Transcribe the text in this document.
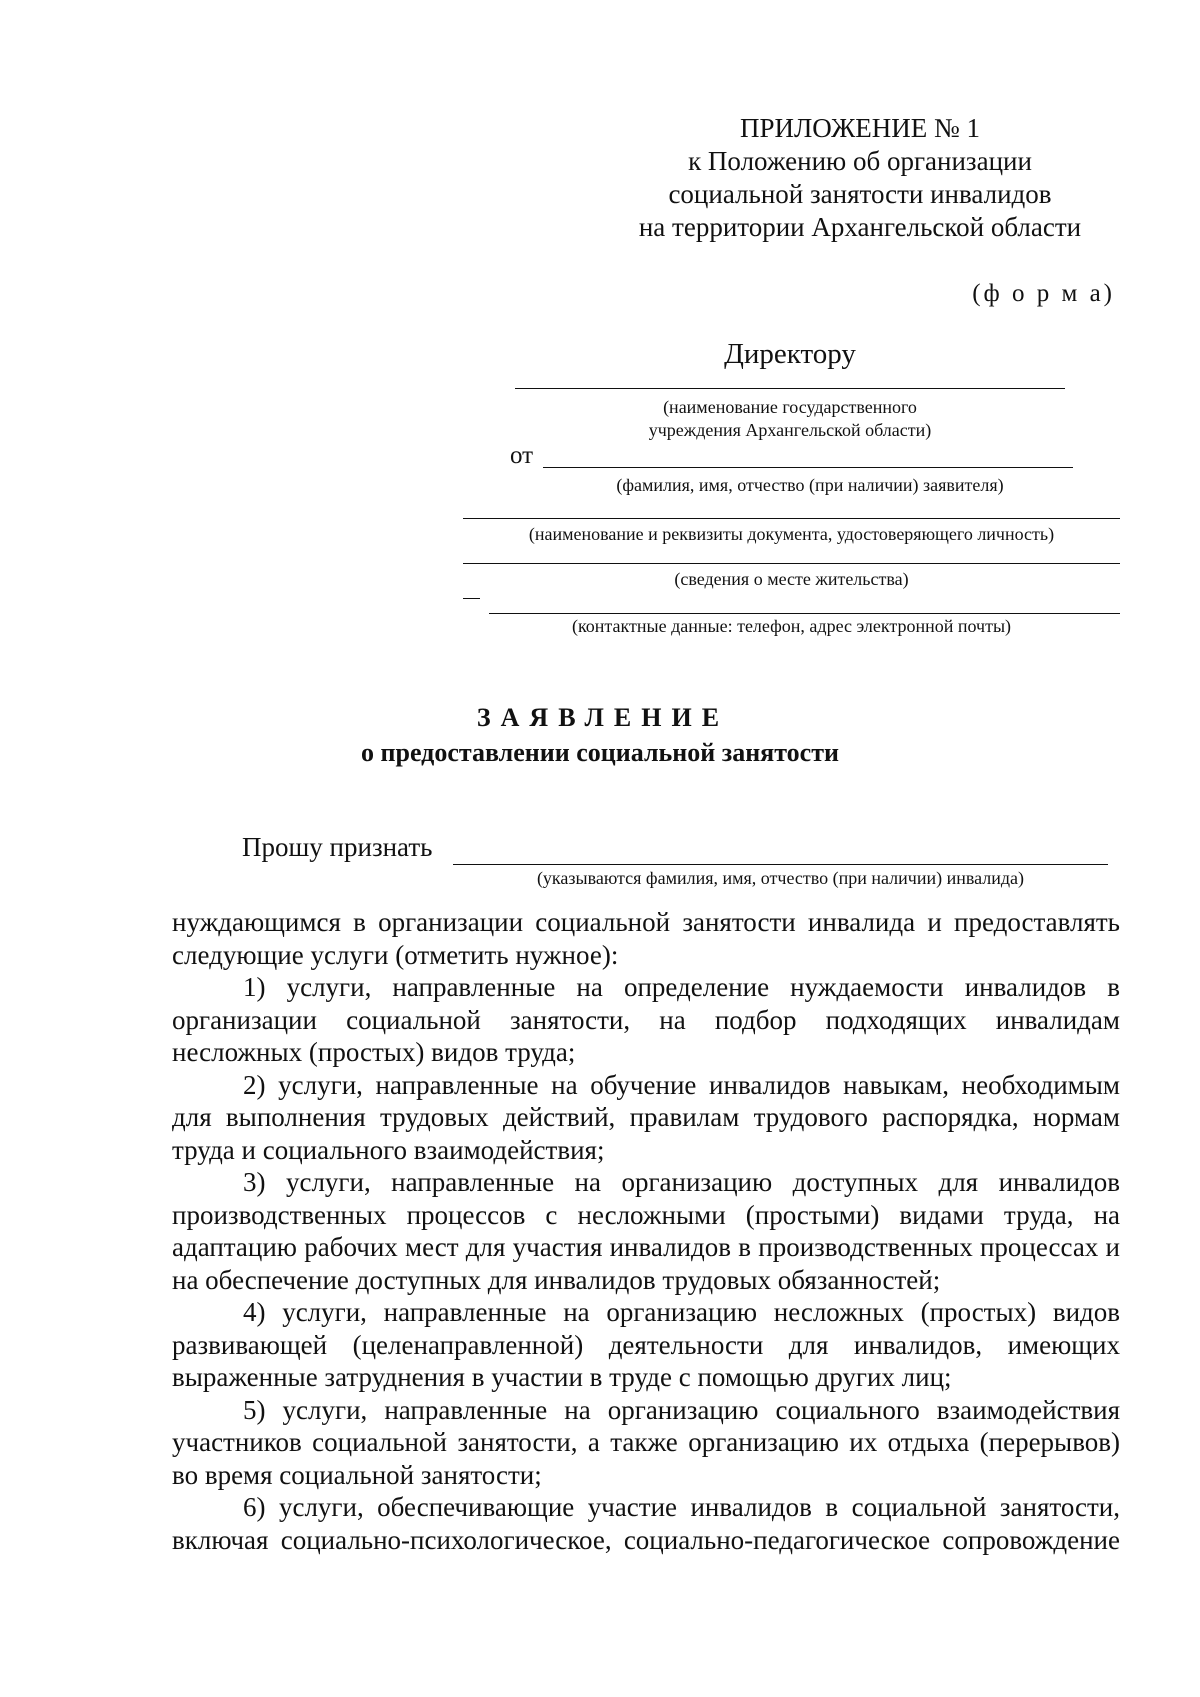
ПРИЛОЖЕНИЕ № 1
к Положению об организации
социальной занятости инвалидов
на территории Архангельской области
(ф о р м а)
Директору
(наименование государственного
учреждения Архангельской области)
от
(фамилия, имя, отчество (при наличии) заявителя)
(наименование и реквизиты документа, удостоверяющего личность)
(сведения о месте жительства)
(контактные данные: телефон, адрес электронной почты)
ЗАЯВЛЕНИЕ
о предоставлении социальной занятости
Прошу признать
(указываются фамилия, имя, отчество (при наличии) инвалида)

нуждающимся в организации социальной занятости инвалида и предоставлять следующие услуги (отметить нужное):

1) услуги, направленные на определение нуждаемости инвалидов в организации социальной занятости, на подбор подходящих инвалидам несложных (простых) видов труда;

2) услуги, направленные на обучение инвалидов навыкам, необходимым для выполнения трудовых действий, правилам трудового распорядка, нормам труда и социального взаимодействия;

3) услуги, направленные на организацию доступных для инвалидов производственных процессов с несложными (простыми) видами труда, на адаптацию рабочих мест для участия инвалидов в производственных процессах и на обеспечение доступных для инвалидов трудовых обязанностей;

4) услуги, направленные на организацию несложных (простых) видов развивающей (целенаправленной) деятельности для инвалидов, имеющих выраженные затруднения в участии в труде с помощью других лиц;

5) услуги, направленные на организацию социального взаимодействия участников социальной занятости, а также организацию их отдыха (перерывов) во время социальной занятости;

6) услуги, обеспечивающие участие инвалидов в социальной занятости, включая социально-психологическое, социально-педагогическое сопровождение
